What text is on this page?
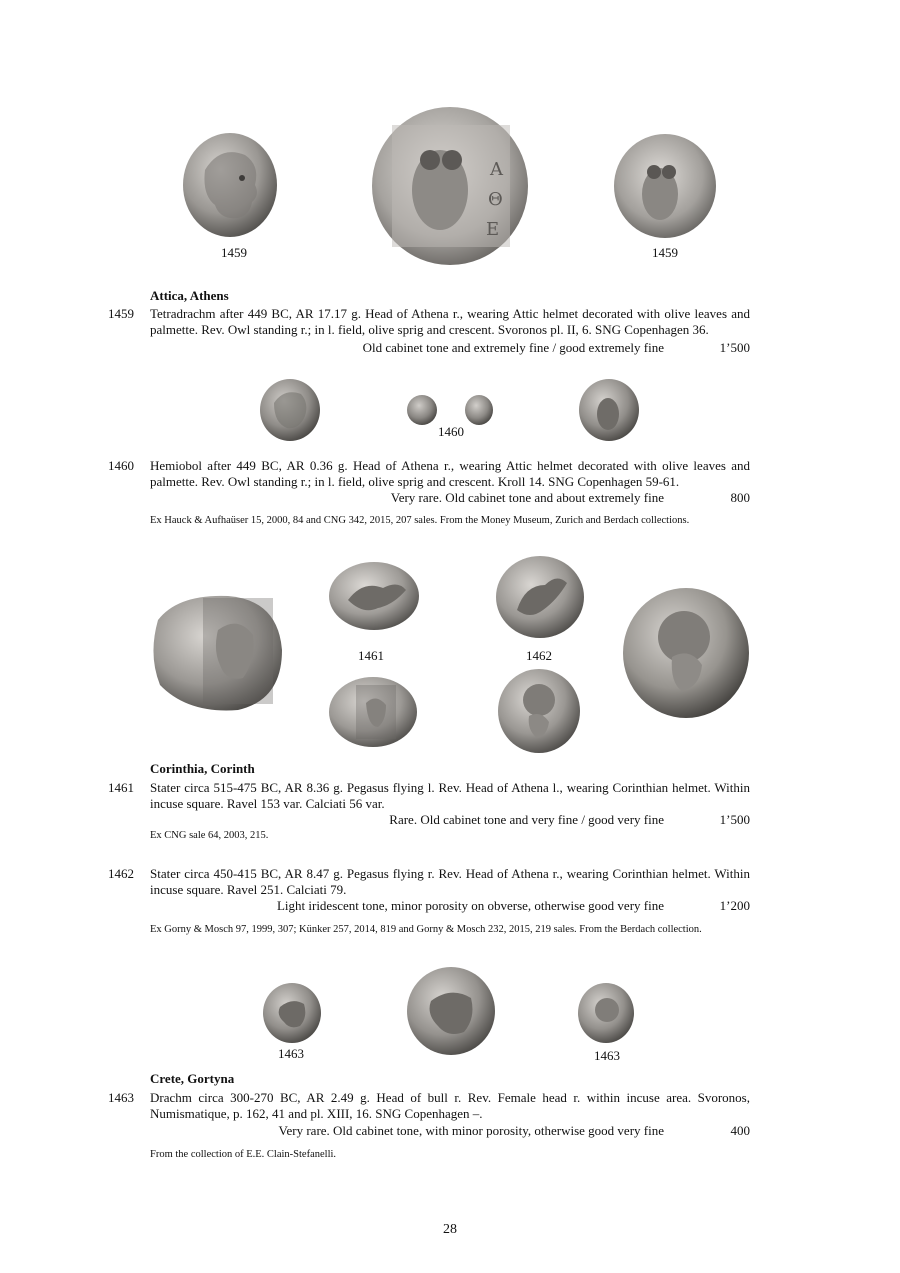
Α
Θ
Ε
1459	1459
Attica, Athens
1459 Tetradrachm after 449 BC, AR 17.17 g. Head of Athena r., wearing Attic helmet decorated with olive leaves and palmette. Rev. Owl standing r.; in l. field, olive sprig and crescent. Svoronos pl. II, 6. SNG Copenhagen 36.
Old cabinet tone and extremely fine / good extremely fine	1’500
1460
1460 Hemiobol after 449 BC, AR 0.36 g. Head of Athena r., wearing Attic helmet decorated with olive leaves and palmette. Rev. Owl standing r.; in l. field, olive sprig and crescent. Kroll 14. SNG Copenhagen 59-61.
Very rare. Old cabinet tone and about extremely fine	800
Ex Hauck & Aufhaüser 15, 2000, 84 and CNG 342, 2015, 207 sales. From the Money Museum, Zurich and Berdach collections.
1461	1462
Corinthia, Corinth
1461 Stater circa 515-475 BC, AR 8.36 g. Pegasus flying l. Rev. Head of Athena l., wearing Corinthian helmet. Within incuse square. Ravel 153 var. Calciati 56 var.
Rare. Old cabinet tone and very fine / good very fine	1’500
Ex CNG sale 64, 2003, 215.
1462 Stater circa 450-415 BC, AR 8.47 g. Pegasus flying r. Rev. Head of Athena r., wearing Corinthian helmet. Within incuse square. Ravel 251. Calciati 79.
Light iridescent tone, minor porosity on obverse, otherwise good very fine	1’200
Ex Gorny & Mosch 97, 1999, 307; Künker 257, 2014, 819 and Gorny & Mosch 232, 2015, 219 sales. From the Berdach collection.
1463	1463
Crete, Gortyna
1463 Drachm circa 300-270 BC, AR 2.49 g. Head of bull r. Rev. Female head r. within incuse area. Svoronos, Numismatique, p. 162, 41 and pl. XIII, 16. SNG Copenhagen –.
Very rare. Old cabinet tone, with minor porosity, otherwise good very fine	400
From the collection of E.E. Clain-Stefanelli.
28
